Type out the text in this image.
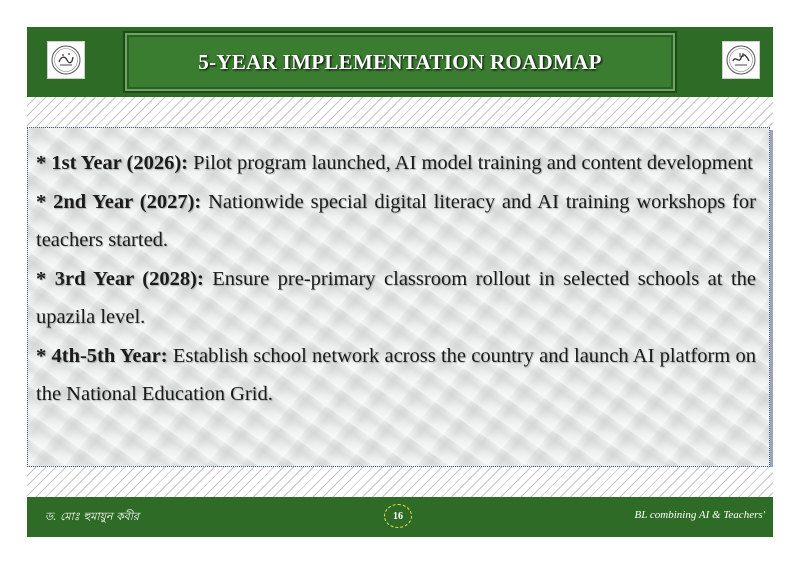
5-YEAR IMPLEMENTATION ROADMAP
* 1st Year (2026): Pilot program launched, AI model training and content development
* 2nd Year (2027): Nationwide special digital literacy and AI training workshops for teachers started.
* 3rd Year (2028): Ensure pre-primary classroom rollout in selected schools at the upazila level.
* 4th-5th Year: Establish school network across the country and launch AI platform on the National Education Grid.
ড. মোঃ হুমায়ুন কবীর	16	BL combining AI & Teachers'
